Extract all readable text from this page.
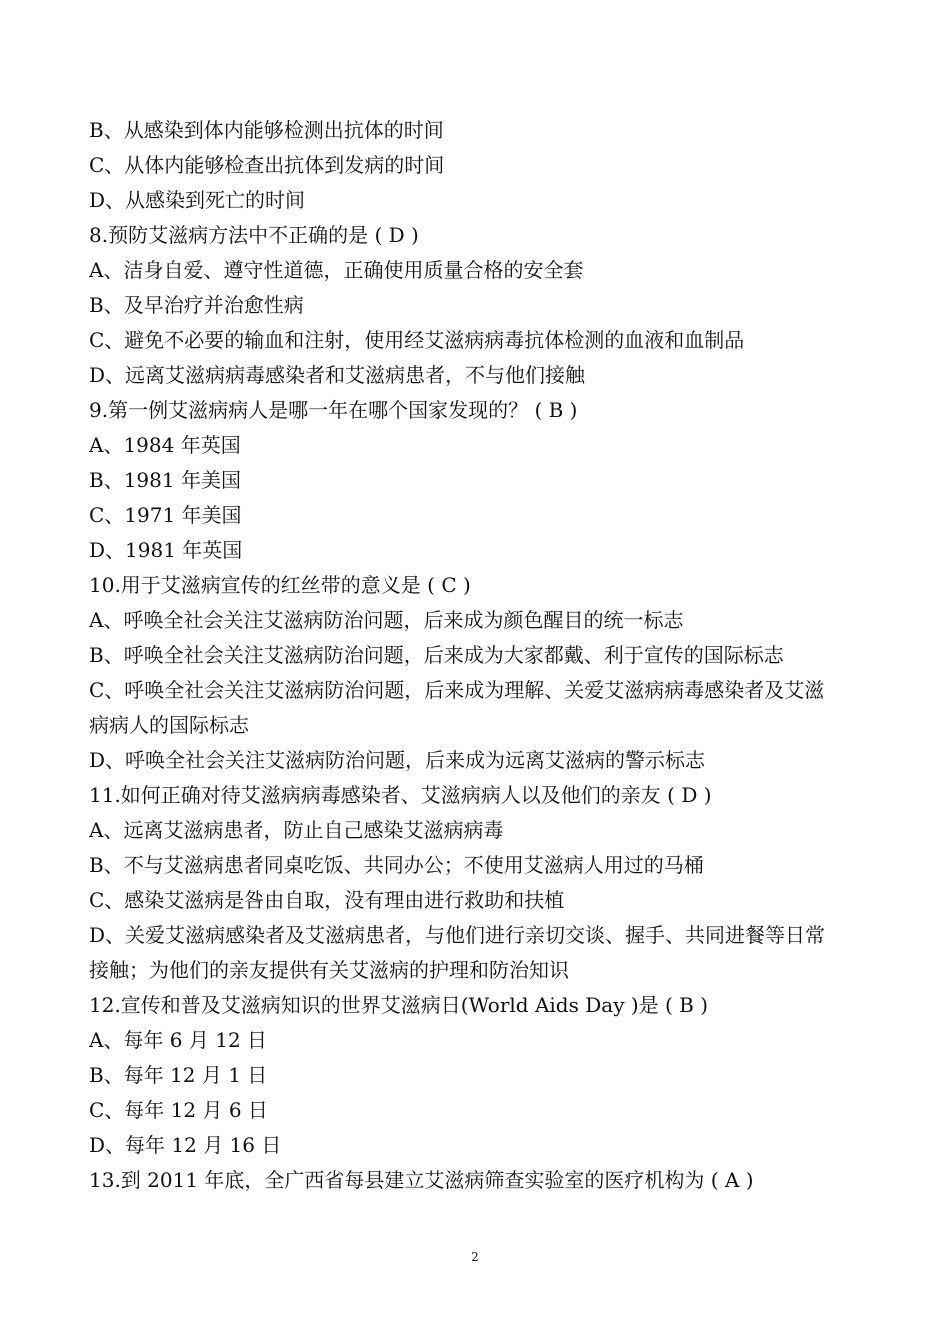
B、从感染到体内能够检测出抗体的时间
C、从体内能够检查出抗体到发病的时间
D、从感染到死亡的时间
8.预防艾滋病方法中不正确的是 ( D )
A、洁身自爱、遵守性道德，正确使用质量合格的安全套
B、及早治疗并治愈性病
C、避免不必要的输血和注射，使用经艾滋病病毒抗体检测的血液和血制品
D、远离艾滋病病毒感染者和艾滋病患者，不与他们接触
9.第一例艾滋病病人是哪一年在哪个国家发现的？ ( B )
A、1984 年英国
B、1981 年美国
C、1971 年美国
D、1981 年英国
10.用于艾滋病宣传的红丝带的意义是 ( C )
A、呼唤全社会关注艾滋病防治问题，后来成为颜色醒目的统一标志
B、呼唤全社会关注艾滋病防治问题，后来成为大家都戴、利于宣传的国际标志
C、呼唤全社会关注艾滋病防治问题，后来成为理解、关爱艾滋病病毒感染者及艾滋
病病人的国际标志
D、呼唤全社会关注艾滋病防治问题，后来成为远离艾滋病的警示标志
11.如何正确对待艾滋病病毒感染者、艾滋病病人以及他们的亲友 ( D )
A、远离艾滋病患者，防止自己感染艾滋病病毒
B、不与艾滋病患者同桌吃饭、共同办公；不使用艾滋病人用过的马桶
C、感染艾滋病是咎由自取，没有理由进行救助和扶植
D、关爱艾滋病感染者及艾滋病患者，与他们进行亲切交谈、握手、共同进餐等日常
接触；为他们的亲友提供有关艾滋病的护理和防治知识
12.宣传和普及艾滋病知识的世界艾滋病日(World Aids Day )是 ( B )
A、每年 6 月 12 日
B、每年 12 月 1 日
C、每年 12 月 6 日
D、每年 12 月 16 日
13.到 2011 年底，全广西省每县建立艾滋病筛查实验室的医疗机构为 ( A )
2
